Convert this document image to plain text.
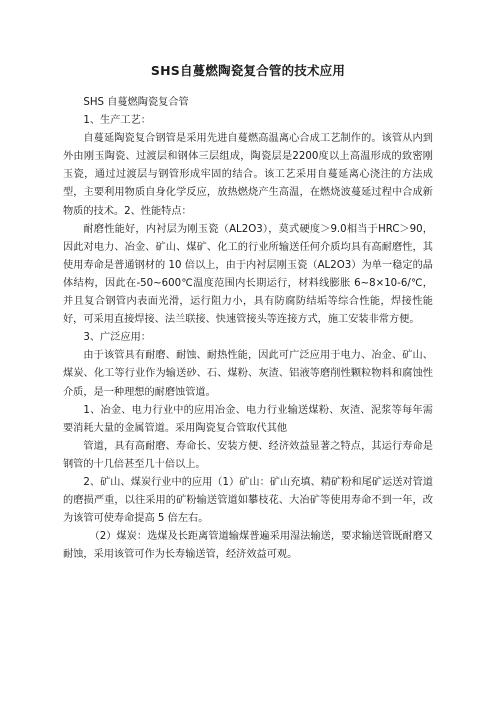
SHS自蔓燃陶瓷复合管的技术应用

SHS 自蔓燃陶瓷复合管

1、生产工艺：

自蔓延陶瓷复合钢管是采用先进自蔓燃高温离心合成工艺制作的。该管从内到外由刚玉陶瓷、过渡层和钢体三层组成，陶瓷层是2200度以上高温形成的致密刚玉瓷，通过过渡层与钢管形成牢固的结合。该工艺采用自蔓延离心浇注的方法成型，主要利用物质自身化学反应，放热燃烧产生高温，在燃烧波蔓延过程中合成新物质的技术。2、性能特点：

耐磨性能好，内衬层为刚玉瓷（AL2O3），莫式硬度＞9.0相当于HRC＞90，因此对电力、冶金、矿山、煤矿、化工的行业所输送任何介质均具有高耐磨性，其使用寿命是普通钢材的 10 倍以上，由于内衬层刚玉瓷（AL2O3）为单一稳定的晶体结构，因此在-50~600℃温度范围内长期运行，材料线膨胀 6~8×10-6/℃，并且复合钢管内表面光滑，运行阻力小，具有防腐防结垢等综合性能，焊接性能好，可采用直接焊接、法兰联接、快速管接头等连接方式，施工安装非常方便。

3、广泛应用：

由于该管具有耐磨、耐蚀、耐热性能，因此可广泛应用于电力、冶金、矿山、煤炭、化工等行业作为输送砂、石、煤粉、灰渣、铝液等磨削性颗粒物料和腐蚀性介质，是一种理想的耐磨蚀管道。

1、冶金、电力行业中的应用冶金、电力行业输送煤粉、灰渣、泥浆等每年需要消耗大量的金属管道。采用陶瓷复合管取代其他

管道，具有高耐磨、寿命长、安装方便、经济效益显著之特点，其运行寿命是钢管的十几倍甚至几十倍以上。

2、矿山、煤炭行业中的应用（1）矿山：矿山充填、精矿粉和尾矿运送对管道的磨损严重，以往采用的矿粉输送管道如攀枝花、大冶矿等使用寿命不到一年，改为该管可使寿命提高 5 倍左右。

（2）煤炭：选煤及长距离管道输煤普遍采用湿法输送，要求输送管既耐磨又耐蚀，采用该管可作为长寿输送管，经济效益可观。
